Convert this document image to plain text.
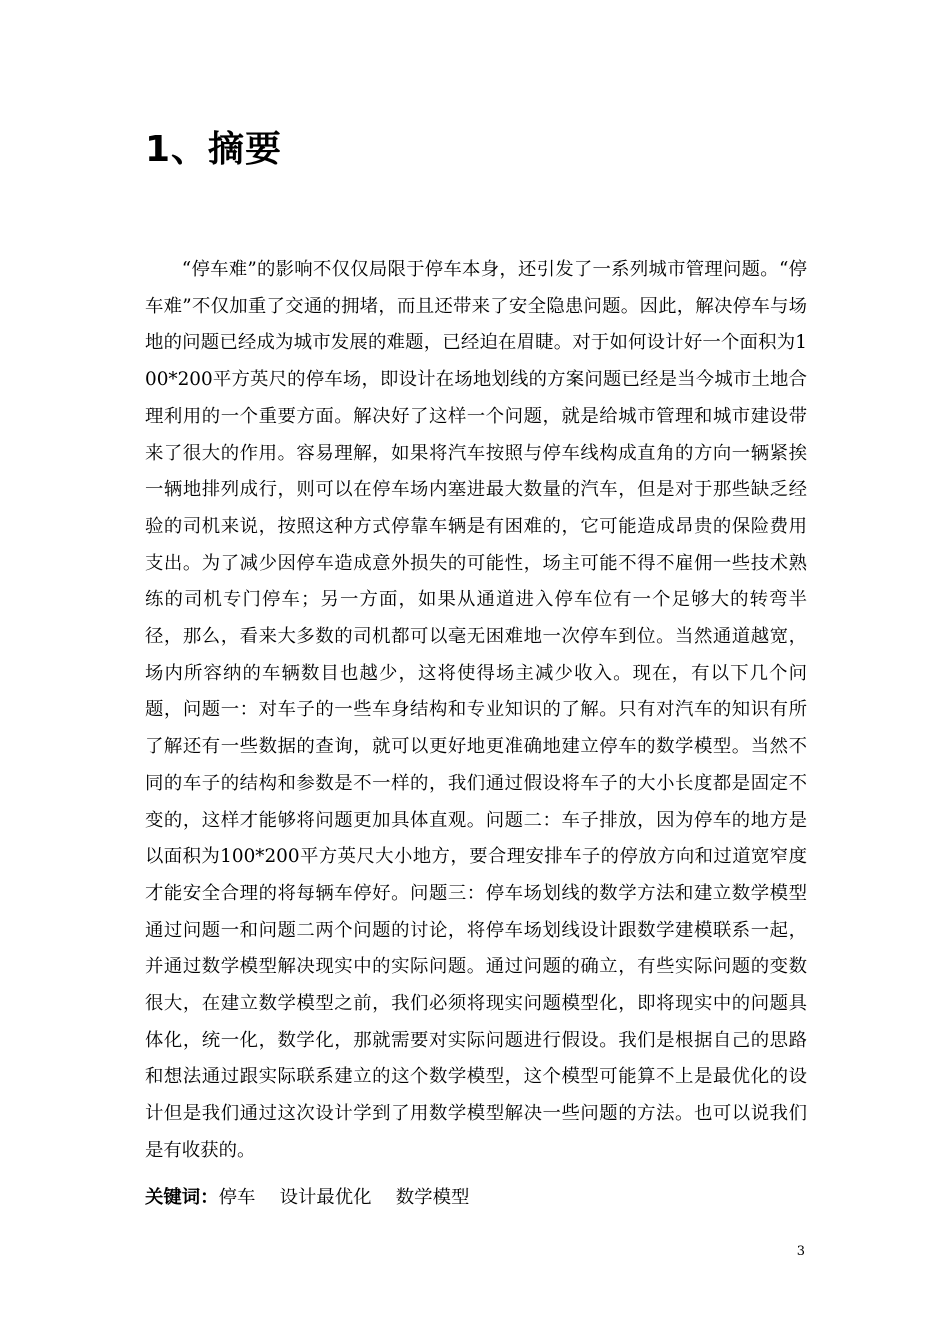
1、摘要

“停车难”的影响不仅仅局限于停车本身，还引发了一系列城市管理问题。“停车难”不仅加重了交通的拥堵，而且还带来了安全隐患问题。因此，解决停车与场地的问题已经成为城市发展的难题，已经迫在眉睫。对于如何设计好一个面积为100*200平方英尺的停车场，即设计在场地划线的方案问题已经是当今城市土地合理利用的一个重要方面。解决好了这样一个问题，就是给城市管理和城市建设带来了很大的作用。容易理解，如果将汽车按照与停车线构成直角的方向一辆紧挨一辆地排列成行，则可以在停车场内塞进最大数量的汽车，但是对于那些缺乏经验的司机来说，按照这种方式停靠车辆是有困难的，它可能造成昂贵的保险费用支出。为了减少因停车造成意外损失的可能性，场主可能不得不雇佣一些技术熟练的司机专门停车；另一方面，如果从通道进入停车位有一个足够大的转弯半径，那么，看来大多数的司机都可以毫无困难地一次停车到位。当然通道越宽，场内所容纳的车辆数目也越少，这将使得场主减少收入。现在，有以下几个问题，问题一：对车子的一些车身结构和专业知识的了解。只有对汽车的知识有所了解还有一些数据的查询，就可以更好地更准确地建立停车的数学模型。当然不同的车子的结构和参数是不一样的，我们通过假设将车子的大小长度都是固定不变的，这样才能够将问题更加具体直观。问题二：车子排放，因为停车的地方是以面积为100*200平方英尺大小地方，要合理安排车子的停放方向和过道宽窄度才能安全合理的将每辆车停好。问题三：停车场划线的数学方法和建立数学模型通过问题一和问题二两个问题的讨论，将停车场划线设计跟数学建模联系一起，并通过数学模型解决现实中的实际问题。通过问题的确立，有些实际问题的变数很大，在建立数学模型之前，我们必须将现实问题模型化，即将现实中的问题具体化，统一化，数学化，那就需要对实际问题进行假设。我们是根据自己的思路和想法通过跟实际联系建立的这个数学模型，这个模型可能算不上是最优化的设计但是我们通过这次设计学到了用数学模型解决一些问题的方法。也可以说我们是有收获的。

关键词：停车　 设计最优化　 数学模型

3
